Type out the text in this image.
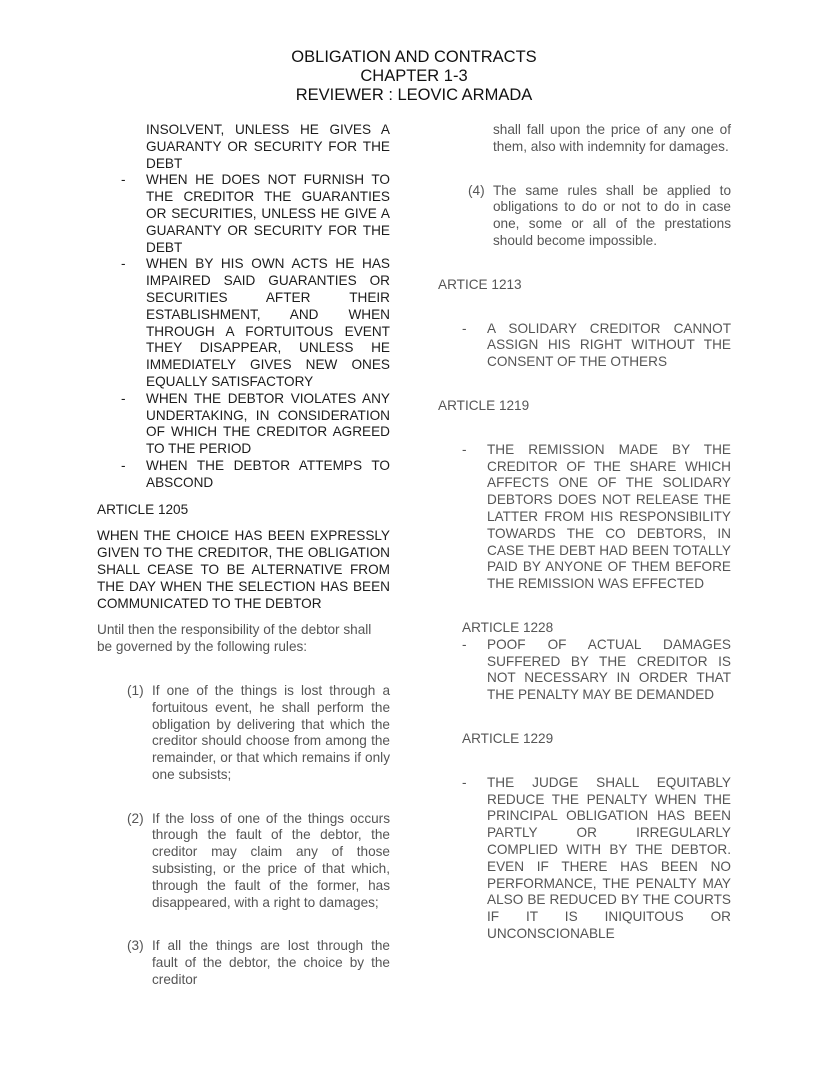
OBLIGATION AND CONTRACTS
CHAPTER 1-3
REVIEWER : LEOVIC ARMADA
INSOLVENT, UNLESS HE GIVES A GUARANTY OR SECURITY FOR THE DEBT
- WHEN HE DOES NOT FURNISH TO THE CREDITOR THE GUARANTIES OR SECURITIES, UNLESS HE GIVE A GUARANTY OR SECURITY FOR THE DEBT
- WHEN BY HIS OWN ACTS HE HAS IMPAIRED SAID GUARANTIES OR SECURITIES AFTER THEIR ESTABLISHMENT, AND WHEN THROUGH A FORTUITOUS EVENT THEY DISAPPEAR, UNLESS HE IMMEDIATELY GIVES NEW ONES EQUALLY SATISFACTORY
- WHEN THE DEBTOR VIOLATES ANY UNDERTAKING, IN CONSIDERATION OF WHICH THE CREDITOR AGREED TO THE PERIOD
- WHEN THE DEBTOR ATTEMPS TO ABSCOND
ARTICLE 1205
WHEN THE CHOICE HAS BEEN EXPRESSLY GIVEN TO THE CREDITOR, THE OBLIGATION SHALL CEASE TO BE ALTERNATIVE FROM THE DAY WHEN THE SELECTION HAS BEEN COMMUNICATED TO THE DEBTOR
Until then the responsibility of the debtor shall be governed by the following rules:
(1) If one of the things is lost through a fortuitous event, he shall perform the obligation by delivering that which the creditor should choose from among the remainder, or that which remains if only one subsists;
(2) If the loss of one of the things occurs through the fault of the debtor, the creditor may claim any of those subsisting, or the price of that which, through the fault of the former, has disappeared, with a right to damages;
(3) If all the things are lost through the fault of the debtor, the choice by the creditor
shall fall upon the price of any one of them, also with indemnity for damages.
(4) The same rules shall be applied to obligations to do or not to do in case one, some or all of the prestations should become impossible.
ARTICE 1213
- A SOLIDARY CREDITOR CANNOT ASSIGN HIS RIGHT WITHOUT THE CONSENT OF THE OTHERS
ARTICLE 1219
- THE REMISSION MADE BY THE CREDITOR OF THE SHARE WHICH AFFECTS ONE OF THE SOLIDARY DEBTORS DOES NOT RELEASE THE LATTER FROM HIS RESPONSIBILITY TOWARDS THE CO DEBTORS, IN CASE THE DEBT HAD BEEN TOTALLY PAID BY ANYONE OF THEM BEFORE THE REMISSION WAS EFFECTED
ARTICLE 1228
- POOF OF ACTUAL DAMAGES SUFFERED BY THE CREDITOR IS NOT NECESSARY IN ORDER THAT THE PENALTY MAY BE DEMANDED
ARTICLE 1229
- THE JUDGE SHALL EQUITABLY REDUCE THE PENALTY WHEN THE PRINCIPAL OBLIGATION HAS BEEN PARTLY OR IRREGULARLY COMPLIED WITH BY THE DEBTOR. EVEN IF THERE HAS BEEN NO PERFORMANCE, THE PENALTY MAY ALSO BE REDUCED BY THE COURTS IF IT IS INIQUITOUS OR UNCONSCIONABLE
